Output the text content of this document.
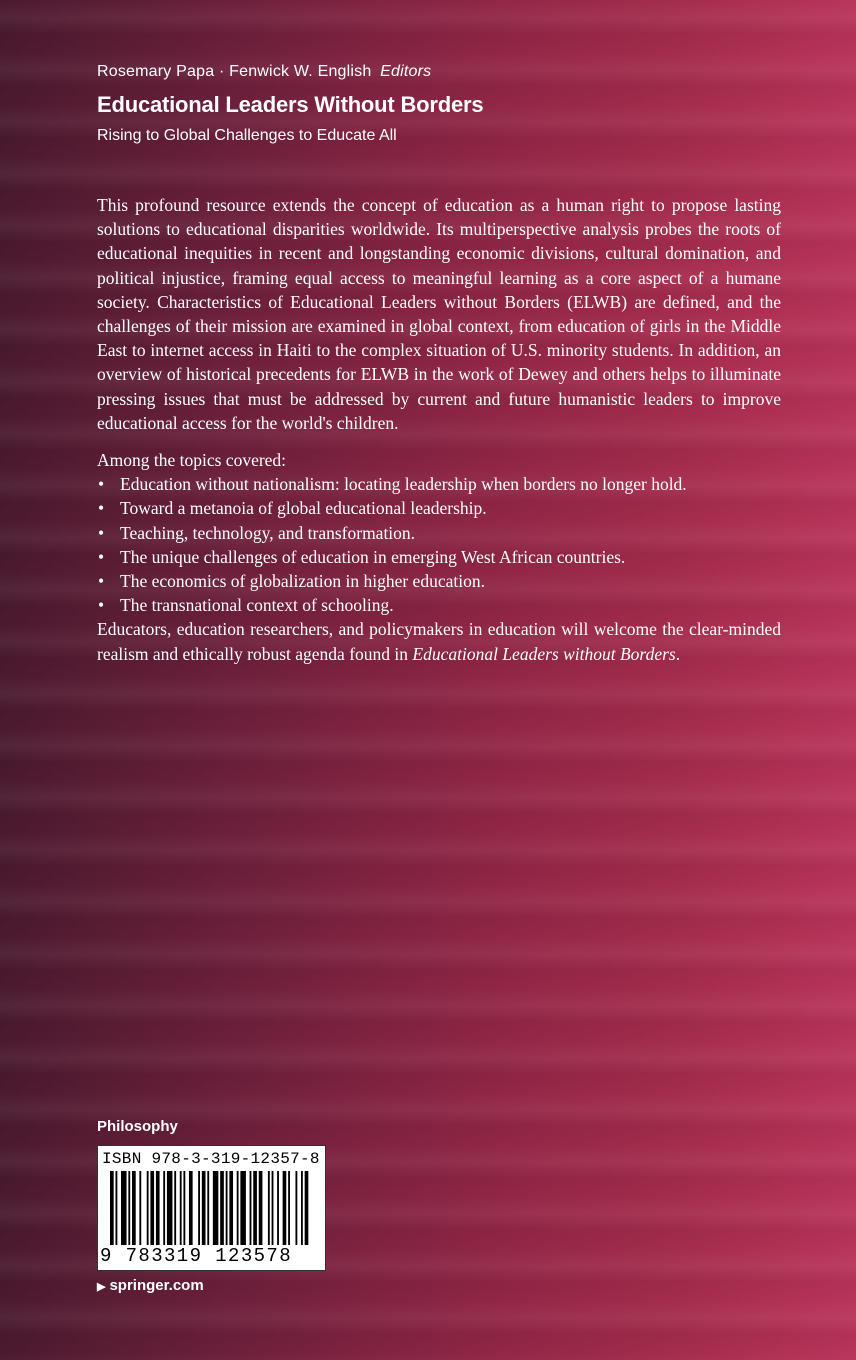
Rosemary Papa · Fenwick W. English Editors
Educational Leaders Without Borders
Rising to Global Challenges to Educate All

This profound resource extends the concept of education as a human right to propose lasting solutions to educational disparities worldwide. Its multiperspective analysis probes the roots of educational inequities in recent and longstanding economic divisions, cultural domination, and political injustice, framing equal access to meaningful learning as a core aspect of a humane society. Characteristics of Educational Leaders without Borders (ELWB) are defined, and the challenges of their mission are examined in global context, from education of girls in the Middle East to internet access in Haiti to the complex situation of U.S. minority students. In addition, an overview of historical precedents for ELWB in the work of Dewey and others helps to illuminate pressing issues that must be addressed by current and future humanistic leaders to improve educational access for the world's children.

Among the topics covered:

• Education without nationalism: locating leadership when borders no longer hold.
• Toward a metanoia of global educational leadership.
• Teaching, technology, and transformation.
• The unique challenges of education in emerging West African countries.
• The economics of globalization in higher education.
• The transnational context of schooling.

Educators, education researchers, and policymakers in education will welcome the clear-minded realism and ethically robust agenda found in Educational Leaders without Borders.

Philosophy
ISBN 978-3-319-12357-8
9 783319 123578
▶ springer.com
